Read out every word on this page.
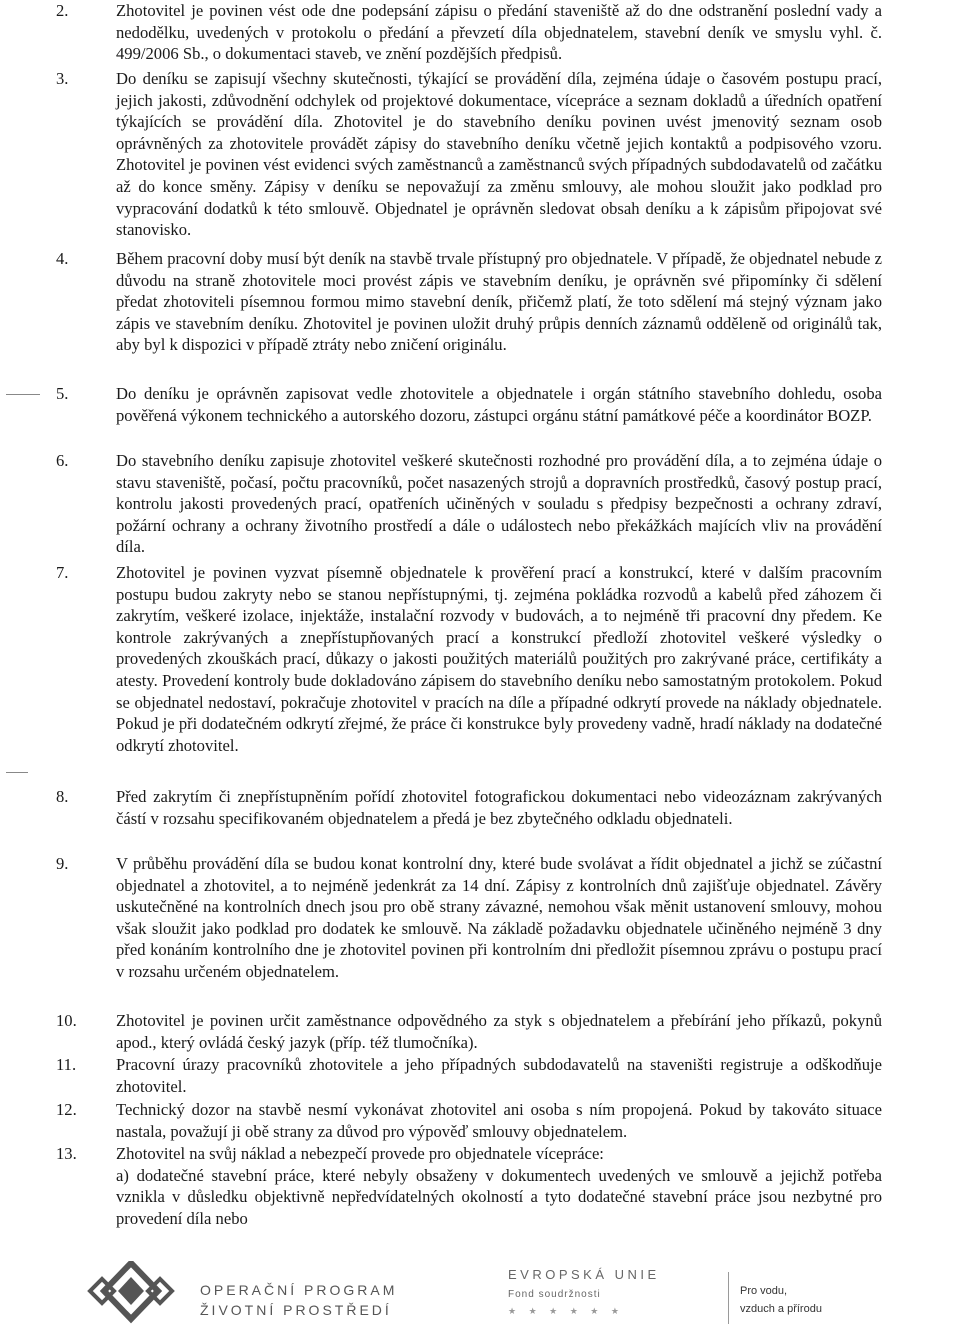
2.	Zhotovitel je povinen vést ode dne podepsání zápisu o předání staveniště až do dne odstranění poslední vady a nedodělku, uvedených v protokolu o předání a převzetí díla objednatelem, stavební deník ve smyslu vyhl. č. 499/2006 Sb., o dokumentaci staveb, ve znění pozdějších předpisů.

3.	Do deníku se zapisují všechny skutečnosti, týkající se provádění díla, zejména údaje o časovém postupu prací, jejich jakosti, zdůvodnění odchylek od projektové dokumentace, vícepráce a seznam dokladů a úředních opatření týkajících se provádění díla. Zhotovitel je do stavebního deníku povinen uvést jmenovitý seznam osob oprávněných za zhotovitele provádět zápisy do stavebního deníku včetně jejich kontaktů a podpisového vzoru. Zhotovitel je povinen vést evidenci svých zaměstnanců a zaměstnanců svých případných subdodavatelů od začátku až do konce směny. Zápisy v deníku se nepovažují za změnu smlouvy, ale mohou sloužit jako podklad pro vypracování dodatků k této smlouvě. Objednatel je oprávněn sledovat obsah deníku a k zápisům připojovat své stanovisko.

4.	Během pracovní doby musí být deník na stavbě trvale přístupný pro objednatele. V případě, že objednatel nebude z důvodu na straně zhotovitele moci provést zápis ve stavebním deníku, je oprávněn své připomínky či sdělení předat zhotoviteli písemnou formou mimo stavební deník, přičemž platí, že toto sdělení má stejný význam jako zápis ve stavebním deníku. Zhotovitel je povinen uložit druhý průpis denních záznamů odděleně od originálů tak, aby byl k dispozici v případě ztráty nebo zničení originálu.

5.	Do deníku je oprávněn zapisovat vedle zhotovitele a objednatele i orgán státního stavebního dohledu, osoba pověřená výkonem technického a autorského dozoru, zástupci orgánu státní památkové péče a koordinátor BOZP.

6.	Do stavebního deníku zapisuje zhotovitel veškeré skutečnosti rozhodné pro provádění díla, a to zejména údaje o stavu staveniště, počasí, počtu pracovníků, počet nasazených strojů a dopravních prostředků, časový postup prací, kontrolu jakosti provedených prací, opatřeních učiněných v souladu s předpisy bezpečnosti a ochrany zdraví, požární ochrany a ochrany životního prostředí a dále o událostech nebo překážkách majících vliv na provádění díla.

7.	Zhotovitel je povinen vyzvat písemně objednatele k prověření prací a konstrukcí, které v dalším pracovním postupu budou zakryty nebo se stanou nepřístupnými, tj. zejména pokládka rozvodů a kabelů před záhozem či zakrytím, veškeré izolace, injektáže, instalační rozvody v budovách, a to nejméně tři pracovní dny předem. Ke kontrole zakrývaných a znepřístupňovaných prací a konstrukcí předloží zhotovitel veškeré výsledky o provedených zkouškách prací, důkazy o jakosti použitých materiálů použitých pro zakrývané práce, certifikáty a atesty. Provedení kontroly bude dokladováno zápisem do stavebního deníku nebo samostatným protokolem. Pokud se objednatel nedostaví, pokračuje zhotovitel v pracích na díle a případné odkrytí provede na náklady objednatele. Pokud je při dodatečném odkrytí zřejmé, že práce či konstrukce byly provedeny vadně, hradí náklady na dodatečné odkrytí zhotovitel.

8.	Před zakrytím či znepřístupněním pořídí zhotovitel fotografickou dokumentaci nebo videozáznam zakrývaných částí v rozsahu specifikovaném objednatelem a předá je bez zbytečného odkladu objednateli.

9.	V průběhu provádění díla se budou konat kontrolní dny, které bude svolávat a řídit objednatel a jichž se zúčastní objednatel a zhotovitel, a to nejméně jedenkrát za 14 dní. Zápisy z kontrolních dnů zajišťuje objednatel. Závěry uskutečněné na kontrolních dnech jsou pro obě strany závazné, nemohou však měnit ustanovení smlouvy, mohou však sloužit jako podklad pro dodatek ke smlouvě. Na základě požadavku objednatele učiněného nejméně 3 dny před konáním kontrolního dne je zhotovitel povinen při kontrolním dni předložit písemnou zprávu o postupu prací v rozsahu určeném objednatelem.

10.	Zhotovitel je povinen určit zaměstnance odpovědného za styk s objednatelem a přebírání jeho příkazů, pokynů apod., který ovládá český jazyk (příp. též tlumočníka).

11.	Pracovní úrazy pracovníků zhotovitele a jeho případných subdodavatelů na staveništi registruje a odškodňuje zhotovitel.

12.	Technický dozor na stavbě nesmí vykonávat zhotovitel ani osoba s ním propojená. Pokud by takováto situace nastala, považují ji obě strany za důvod pro výpověď smlouvy objednatelem.

13.	Zhotovitel na svůj náklad a nebezpečí provede pro objednatele vícepráce:

a) dodatečné stavební práce, které nebyly obsaženy v dokumentech uvedených ve smlouvě a jejichž potřeba vznikla v důsledku objektivně nepředvídatelných okolností a tyto dodatečné stavební práce jsou nezbytné pro provedení díla nebo

OPERAČNÍ PROGRAM
ŽIVOTNÍ PROSTŘEDÍ
EVROPSKÁ UNIE
Fond soudržnosti
★ ★ ★ ★ ★ ★
Pro vodu,
vzduch a přírodu
